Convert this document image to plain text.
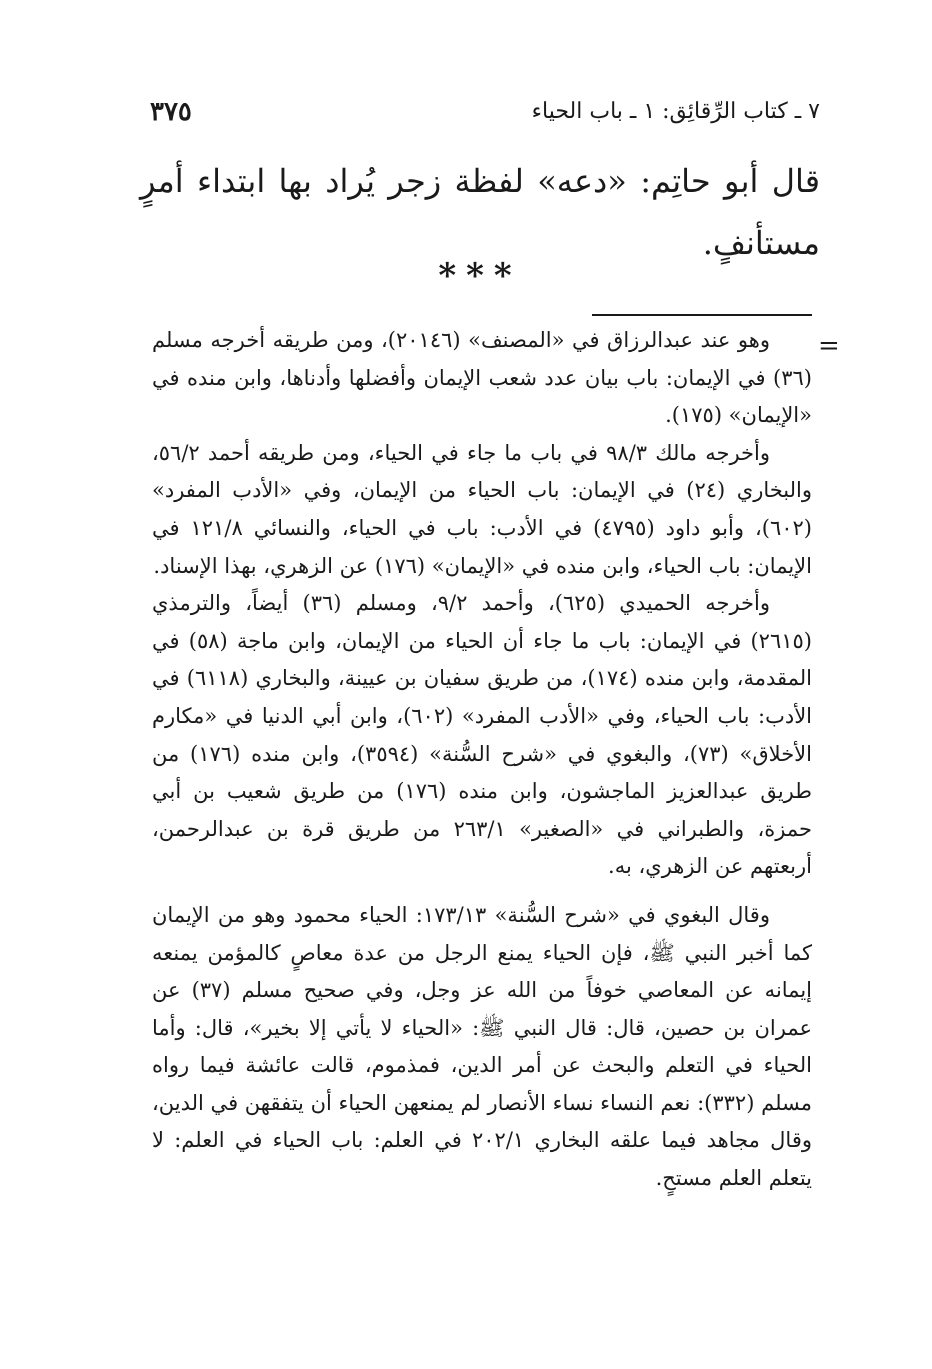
٧ ـ كتاب الرِّقائِق: ١ ـ باب الحياء
٣٧٥
قال أبو حاتِم: «دعه» لفظة زجر يُراد بها ابتداء أمرٍ مستأنفٍ.
***
=

وهو عند عبدالرزاق في «المصنف» (٢٠١٤٦)، ومن طريقه أخرجه مسلم (٣٦) في الإيمان: باب بيان عدد شعب الإيمان وأفضلها وأدناها، وابن منده في «الإيمان» (١٧٥).

وأخرجه مالك ٩٨/٣ في باب ما جاء في الحياء، ومن طريقه أحمد ٥٦/٢، والبخاري (٢٤) في الإيمان: باب الحياء من الإيمان، وفي «الأدب المفرد» (٦٠٢)، وأبو داود (٤٧٩٥) في الأدب: باب في الحياء، والنسائي ١٢١/٨ في الإيمان: باب الحياء، وابن منده في «الإيمان» (١٧٦) عن الزهري، بهذا الإسناد.

وأخرجه الحميدي (٦٢٥)، وأحمد ٩/٢، ومسلم (٣٦) أيضاً، والترمذي (٢٦١٥) في الإيمان: باب ما جاء أن الحياء من الإيمان، وابن ماجة (٥٨) في المقدمة، وابن منده (١٧٤)، من طريق سفيان بن عيينة، والبخاري (٦١١٨) في الأدب: باب الحياء، وفي «الأدب المفرد» (٦٠٢)، وابن أبي الدنيا في «مكارم الأخلاق» (٧٣)، والبغوي في «شرح السُّنة» (٣٥٩٤)، وابن منده (١٧٦) من طريق عبدالعزيز الماجشون، وابن منده (١٧٦) من طريق شعيب بن أبي حمزة، والطبراني في «الصغير» ٢٦٣/١ من طريق قرة بن عبدالرحمن، أربعتهم عن الزهري، به.

وقال البغوي في «شرح السُّنة» ١٧٣/١٣: الحياء محمود وهو من الإيمان كما أخبر النبي ﷺ، فإن الحياء يمنع الرجل من عدة معاصٍ كالمؤمن يمنعه إيمانه عن المعاصي خوفاً من الله عز وجل، وفي صحيح مسلم (٣٧) عن عمران بن حصين، قال: قال النبي ﷺ: «الحياء لا يأتي إلا بخير»، قال: وأما الحياء في التعلم والبحث عن أمر الدين، فمذموم، قالت عائشة فيما رواه مسلم (٣٣٢): نعم النساء نساء الأنصار لم يمنعهن الحياء أن يتفقهن في الدين، وقال مجاهد فيما علقه البخاري ٢٠٢/١ في العلم: باب الحياء في العلم: لا يتعلم العلم مستحٍ.
